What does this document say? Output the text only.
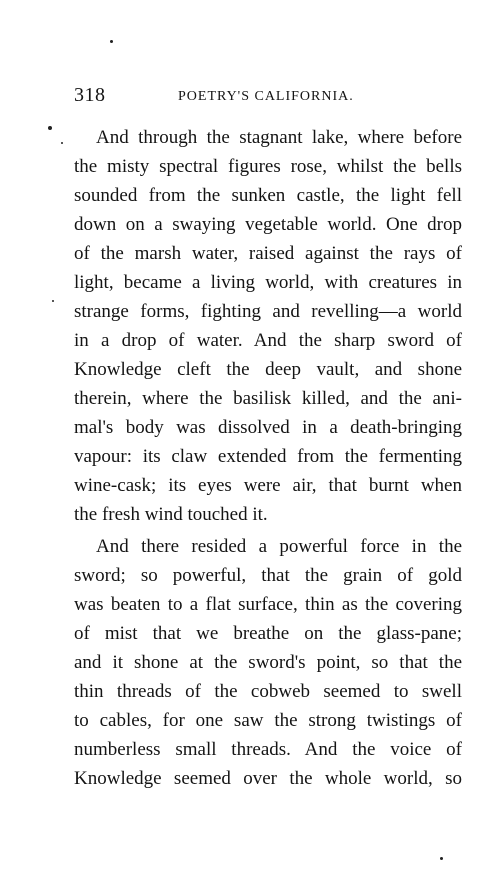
318	POETRY'S CALIFORNIA.
And through the stagnant lake, where before
the misty spectral figures rose, whilst the bells
sounded from the sunken castle, the light fell
down on a swaying vegetable world. One drop
of the marsh water, raised against the rays of
light, became a living world, with creatures in
strange forms, fighting and revelling—a world
in a drop of water. And the sharp sword of
Knowledge cleft the deep vault, and shone
therein, where the basilisk killed, and the ani-
mal's body was dissolved in a death-bringing
vapour: its claw extended from the fermenting
wine-cask; its eyes were air, that burnt when
the fresh wind touched it.
And there resided a powerful force in the
sword; so powerful, that the grain of gold
was beaten to a flat surface, thin as the covering
of mist that we breathe on the glass-pane;
and it shone at the sword's point, so that the
thin threads of the cobweb seemed to swell
to cables, for one saw the strong twistings of
numberless small threads. And the voice of
Knowledge seemed over the whole world, so
